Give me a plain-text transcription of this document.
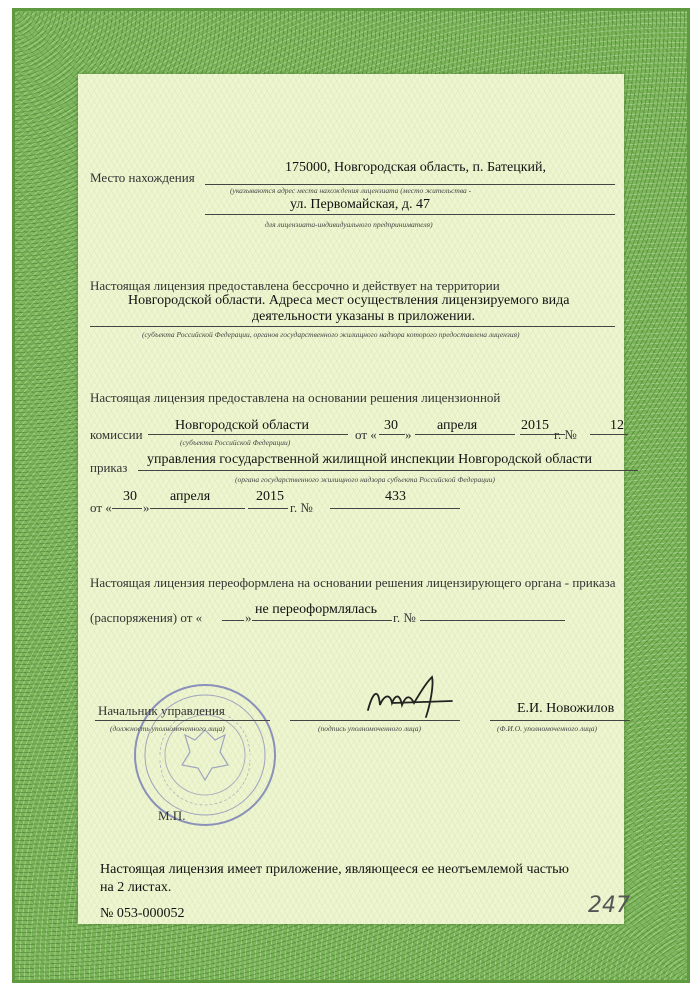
Место нахождения
175000, Новгородская область, п. Батецкий,
(указываются адрес места нахождения лицензиата (место жительства -
ул. Первомайская, д. 47
для лицензиата-индивидуального предпринимателя)
Настоящая лицензия предоставлена бессрочно и действует на территории
Новгородской области. Адреса мест осуществления лицензируемого вида
деятельности указаны в приложении.
(субъекта Российской Федерации, органов государственного жилищного надзора которого предоставлена лицензия)
Настоящая лицензия предоставлена на основании решения лицензионной
комиссии
Новгородской области
(субъекта Российской Федерации)
от «
30
»
апреля	2015
г. №
12
приказ
управления государственной жилищной инспекции Новгородской области
(органа государственного жилищного надзора субъекта Российской Федерации)
от «
30
»
апреля	2015
г. №
433
Настоящая лицензия переоформлена на основании решения лицензирующего органа - приказа
(распоряжения) от «	»
не переоформлялась
г. №
Начальник управления
(должность уполномоченного лица)	(подпись уполномоченного лица)
Е.И. Новожилов
(Ф.И.О. уполномоченного лица)
М.П.
Настоящая лицензия имеет приложение, являющееся ее неотъемлемой частью
на 2 листах.
№ 053-000052	247
